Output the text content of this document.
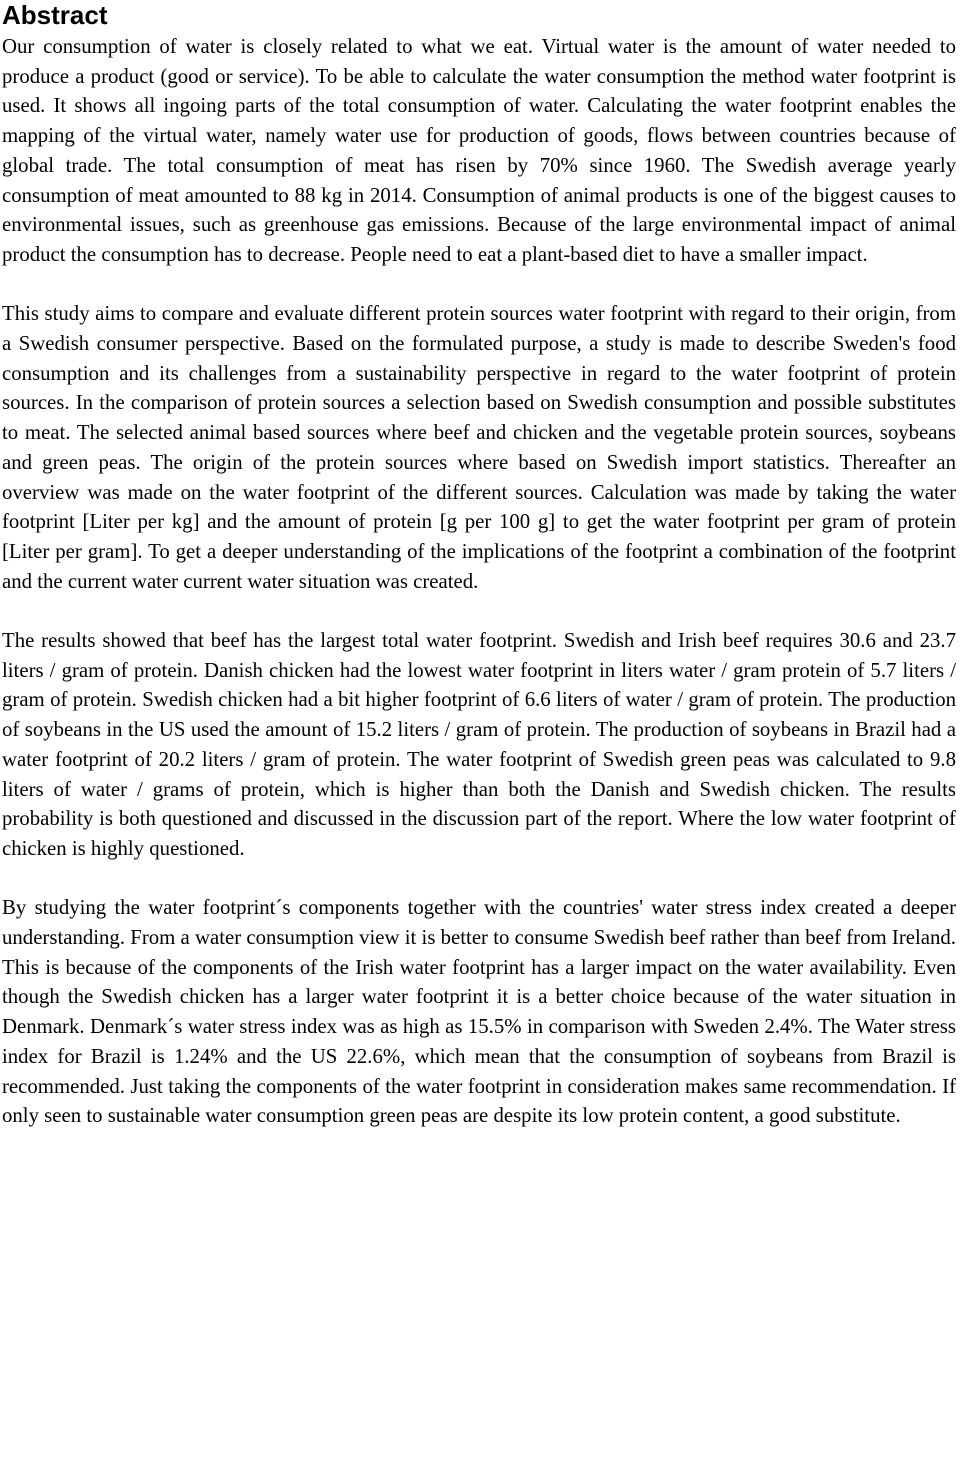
Abstract

Our consumption of water is closely related to what we eat. Virtual water is the amount of water needed to produce a product (good or service). To be able to calculate the water consumption the method water footprint is used. It shows all ingoing parts of the total consumption of water. Calculating the water footprint enables the mapping of the virtual water, namely water use for production of goods, flows between countries because of global trade. The total consumption of meat has risen by 70% since 1960. The Swedish average yearly consumption of meat amounted to 88 kg in 2014. Consumption of animal products is one of the biggest causes to environmental issues, such as greenhouse gas emissions. Because of the large environmental impact of animal product the consumption has to decrease. People need to eat a plant-based diet to have a smaller impact.

This study aims to compare and evaluate different protein sources water footprint with regard to their origin, from a Swedish consumer perspective. Based on the formulated purpose, a study is made to describe Sweden's food consumption and its challenges from a sustainability perspective in regard to the water footprint of protein sources. In the comparison of protein sources a selection based on Swedish consumption and possible substitutes to meat. The selected animal based sources where beef and chicken and the vegetable protein sources, soybeans and green peas. The origin of the protein sources where based on Swedish import statistics. Thereafter an overview was made on the water footprint of the different sources. Calculation was made by taking the water footprint [Liter per kg] and the amount of protein [g per 100 g] to get the water footprint per gram of protein [Liter per gram]. To get a deeper understanding of the implications of the footprint a combination of the footprint and the current water current water situation was created.

The results showed that beef has the largest total water footprint. Swedish and Irish beef requires 30.6 and 23.7 liters / gram of protein. Danish chicken had the lowest water footprint in liters water / gram protein of 5.7 liters / gram of protein. Swedish chicken had a bit higher footprint of 6.6 liters of water / gram of protein. The production of soybeans in the US used the amount of 15.2 liters / gram of protein. The production of soybeans in Brazil had a water footprint of 20.2 liters / gram of protein. The water footprint of Swedish green peas was calculated to 9.8 liters of water / grams of protein, which is higher than both the Danish and Swedish chicken. The results probability is both questioned and discussed in the discussion part of the report. Where the low water footprint of chicken is highly questioned.

By studying the water footprint´s components together with the countries' water stress index created a deeper understanding. From a water consumption view it is better to consume Swedish beef rather than beef from Ireland. This is because of the components of the Irish water footprint has a larger impact on the water availability. Even though the Swedish chicken has a larger water footprint it is a better choice because of the water situation in Denmark. Denmark´s water stress index was as high as 15.5% in comparison with Sweden 2.4%. The Water stress index for Brazil is 1.24% and the US 22.6%, which mean that the consumption of soybeans from Brazil is recommended. Just taking the components of the water footprint in consideration makes same recommendation. If only seen to sustainable water consumption green peas are despite its low protein content, a good substitute.
